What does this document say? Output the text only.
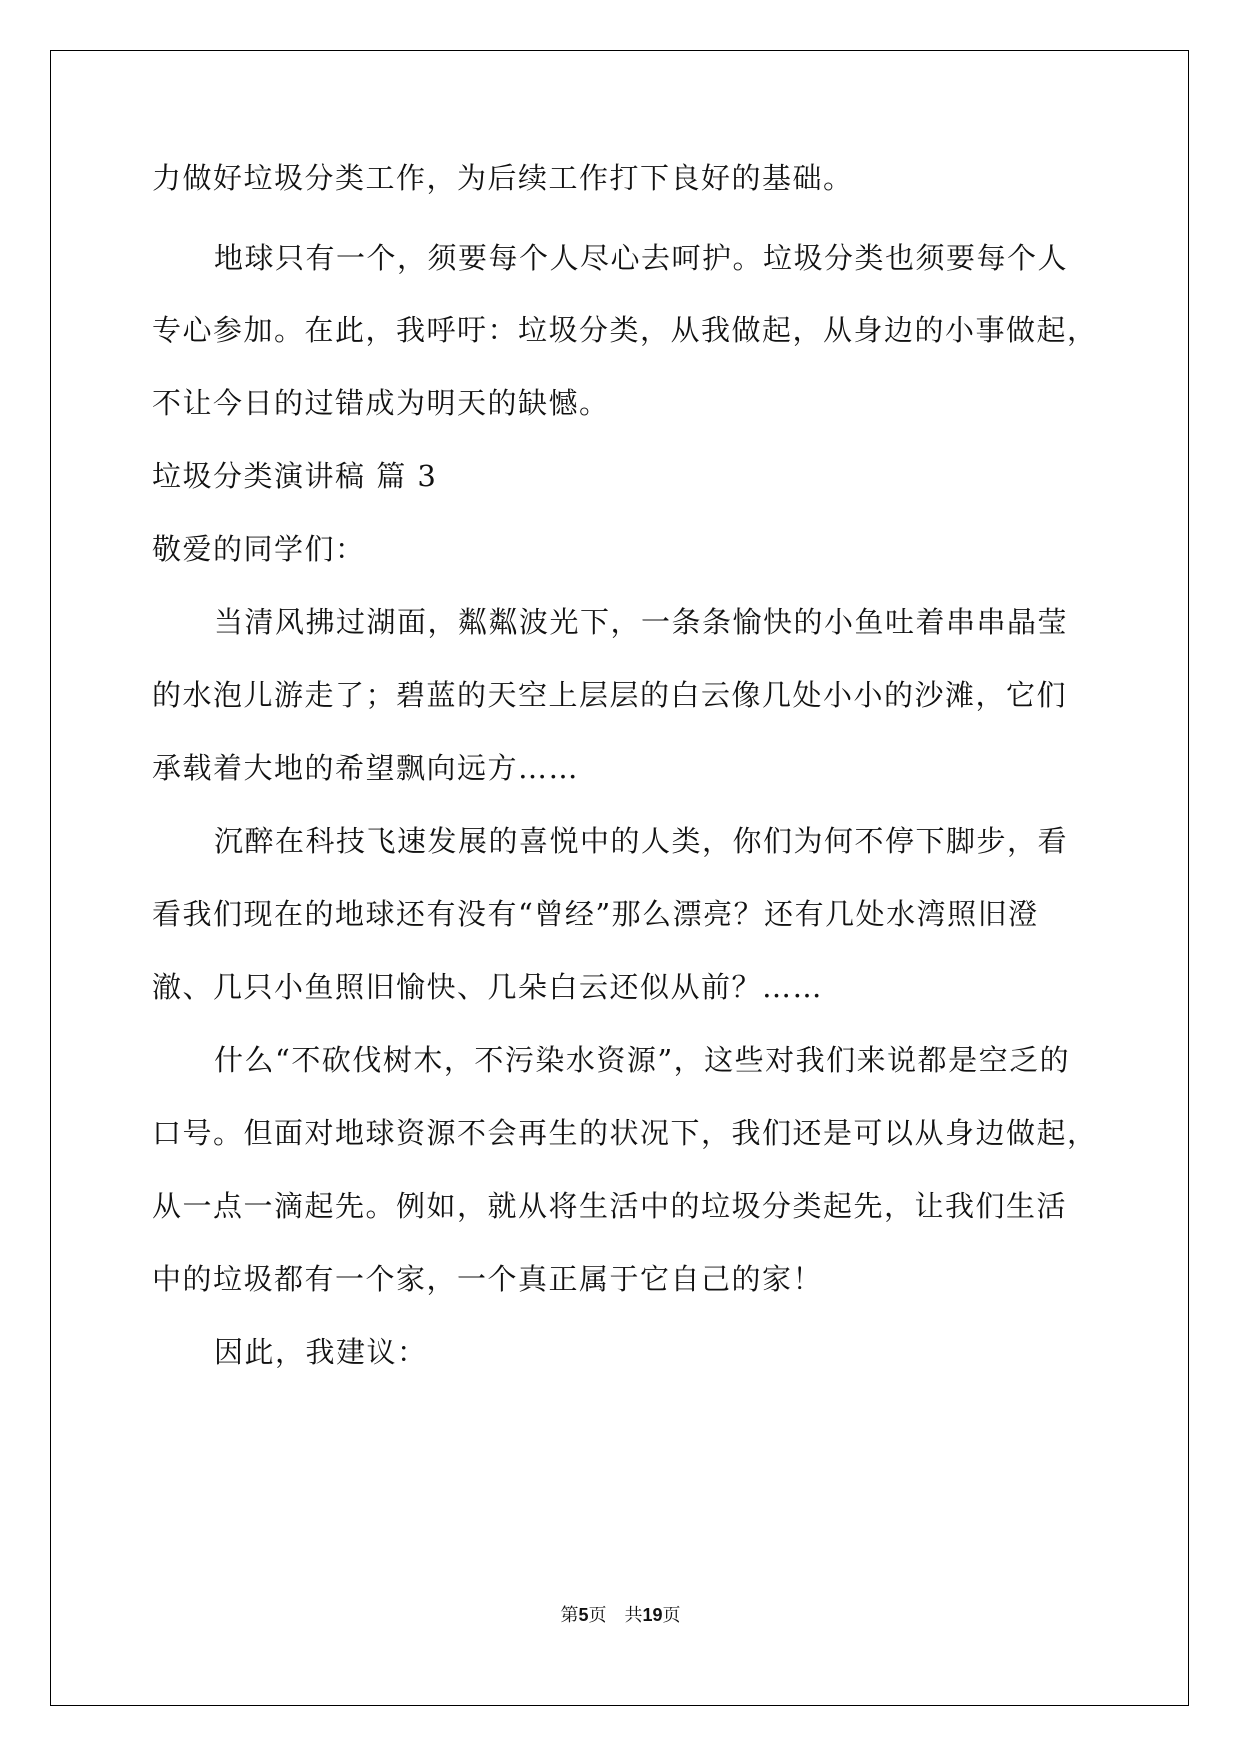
力做好垃圾分类工作，为后续工作打下良好的基础。
地球只有一个，须要每个人尽心去呵护。垃圾分类也须要每个人
专心参加。在此，我呼吁：垃圾分类，从我做起，从身边的小事做起，
不让今日的过错成为明天的缺憾。
垃圾分类演讲稿 篇 3
敬爱的同学们：
当清风拂过湖面，粼粼波光下，一条条愉快的小鱼吐着串串晶莹
的水泡儿游走了；碧蓝的天空上层层的白云像几处小小的沙滩，它们
承载着大地的希望飘向远方……
沉醉在科技飞速发展的喜悦中的人类，你们为何不停下脚步，看
看我们现在的地球还有没有“曾经”那么漂亮？还有几处水湾照旧澄
澈、几只小鱼照旧愉快、几朵白云还似从前？……
什么“不砍伐树木，不污染水资源”，这些对我们来说都是空乏的
口号。但面对地球资源不会再生的状况下，我们还是可以从身边做起，
从一点一滴起先。例如，就从将生活中的垃圾分类起先，让我们生活
中的垃圾都有一个家，一个真正属于它自己的家！
因此，我建议：
第5页 共19页
